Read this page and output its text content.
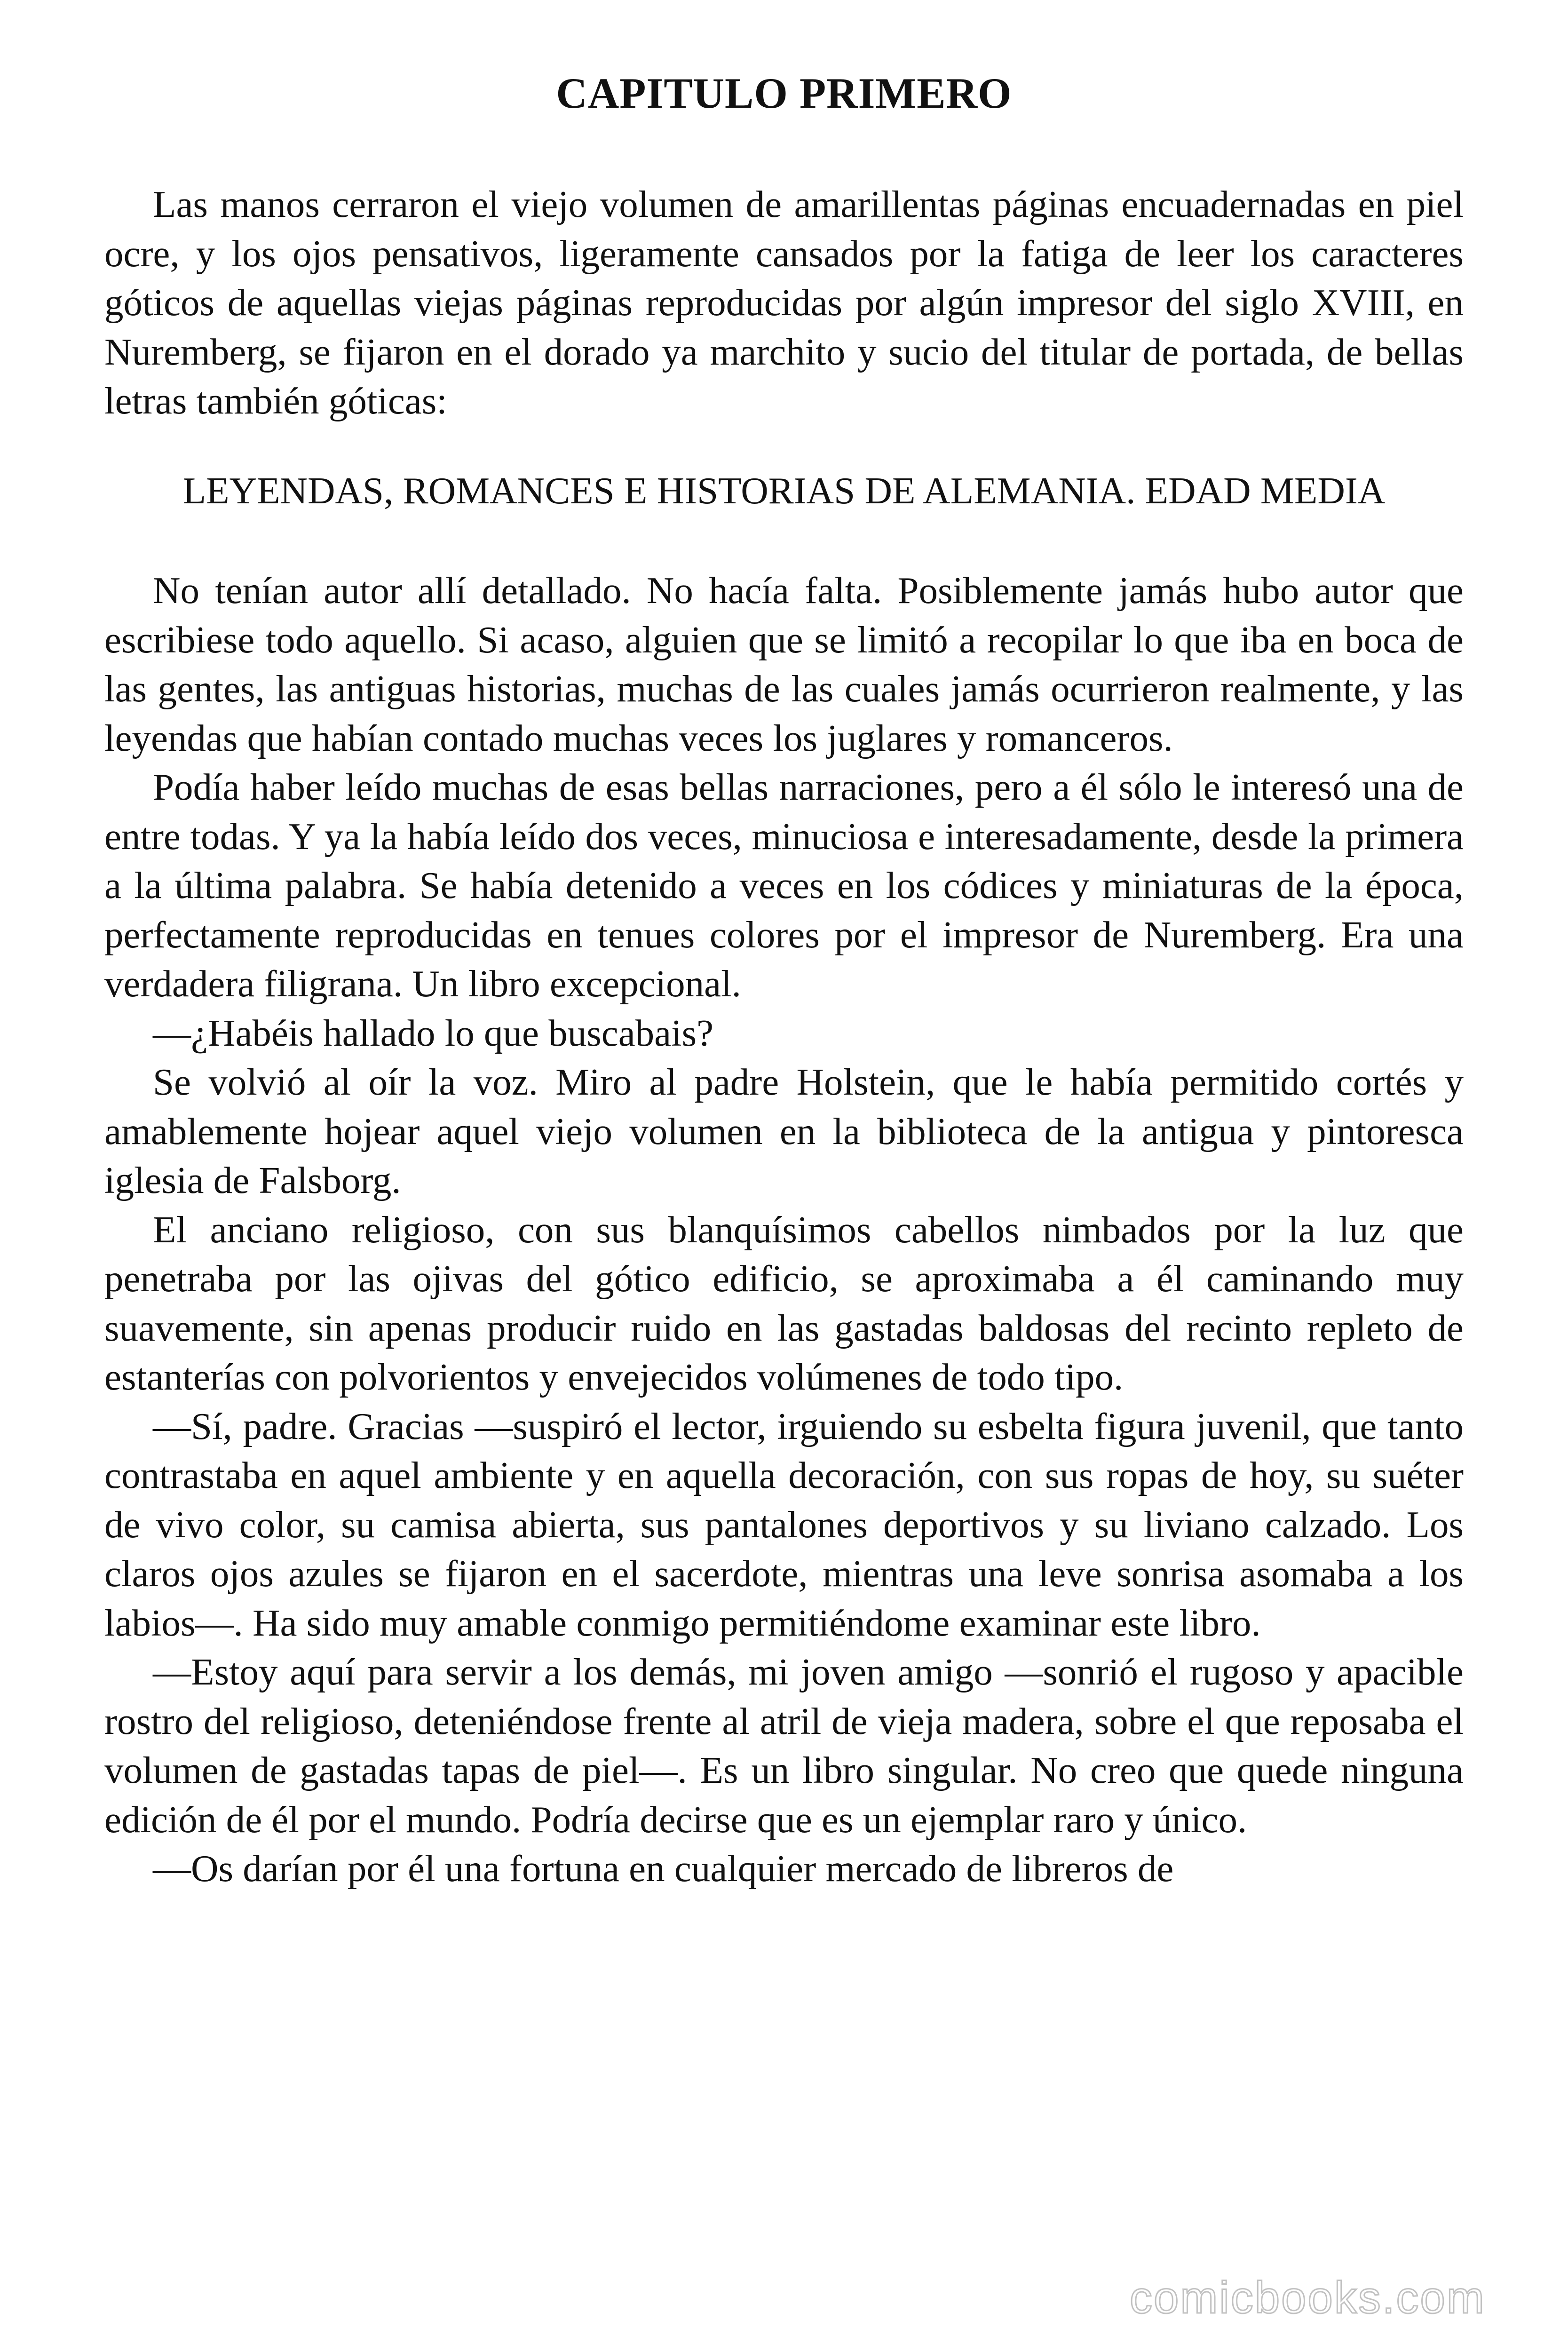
CAPITULO PRIMERO

Las manos cerraron el viejo volumen de amarillentas páginas encuadernadas en piel ocre, y los ojos pensativos, ligeramente cansados por la fatiga de leer los caracteres góticos de aquellas viejas páginas reproducidas por algún impresor del siglo XVIII, en Nuremberg, se fijaron en el dorado ya marchito y sucio del titular de portada, de bellas letras también góticas:

LEYENDAS, ROMANCES E HISTORIAS DE ALEMANIA. EDAD MEDIA

No tenían autor allí detallado. No hacía falta. Posiblemente jamás hubo autor que escribiese todo aquello. Si acaso, alguien que se limitó a recopilar lo que iba en boca de las gentes, las antiguas historias, muchas de las cuales jamás ocurrieron realmente, y las leyendas que habían contado muchas veces los juglares y romanceros.

Podía haber leído muchas de esas bellas narraciones, pero a él sólo le interesó una de entre todas. Y ya la había leído dos veces, minuciosa e interesadamente, desde la primera a la última palabra. Se había detenido a veces en los códices y miniaturas de la época, perfectamente reproducidas en tenues colores por el impresor de Nuremberg. Era una verdadera filigrana. Un libro excepcional.

—¿Habéis hallado lo que buscabais?

Se volvió al oír la voz. Miro al padre Holstein, que le había permitido cortés y amablemente hojear aquel viejo volumen en la biblioteca de la antigua y pintoresca iglesia de Falsborg.

El anciano religioso, con sus blanquísimos cabellos nimbados por la luz que penetraba por las ojivas del gótico edificio, se aproximaba a él caminando muy suavemente, sin apenas producir ruido en las gastadas baldosas del recinto repleto de estanterías con polvorientos y envejecidos volúmenes de todo tipo.

—Sí, padre. Gracias —suspiró el lector, irguiendo su esbelta figura juvenil, que tanto contrastaba en aquel ambiente y en aquella decoración, con sus ropas de hoy, su suéter de vivo color, su camisa abierta, sus pantalones deportivos y su liviano calzado. Los claros ojos azules se fijaron en el sacerdote, mientras una leve sonrisa asomaba a los labios—. Ha sido muy amable conmigo permitiéndome examinar este libro.

—Estoy aquí para servir a los demás, mi joven amigo —sonrió el rugoso y apacible rostro del religioso, deteniéndose frente al atril de vieja madera, sobre el que reposaba el volumen de gastadas tapas de piel—. Es un libro singular. No creo que quede ninguna edición de él por el mundo. Podría decirse que es un ejemplar raro y único.

—Os darían por él una fortuna en cualquier mercado de libreros de

comicbooks.com
